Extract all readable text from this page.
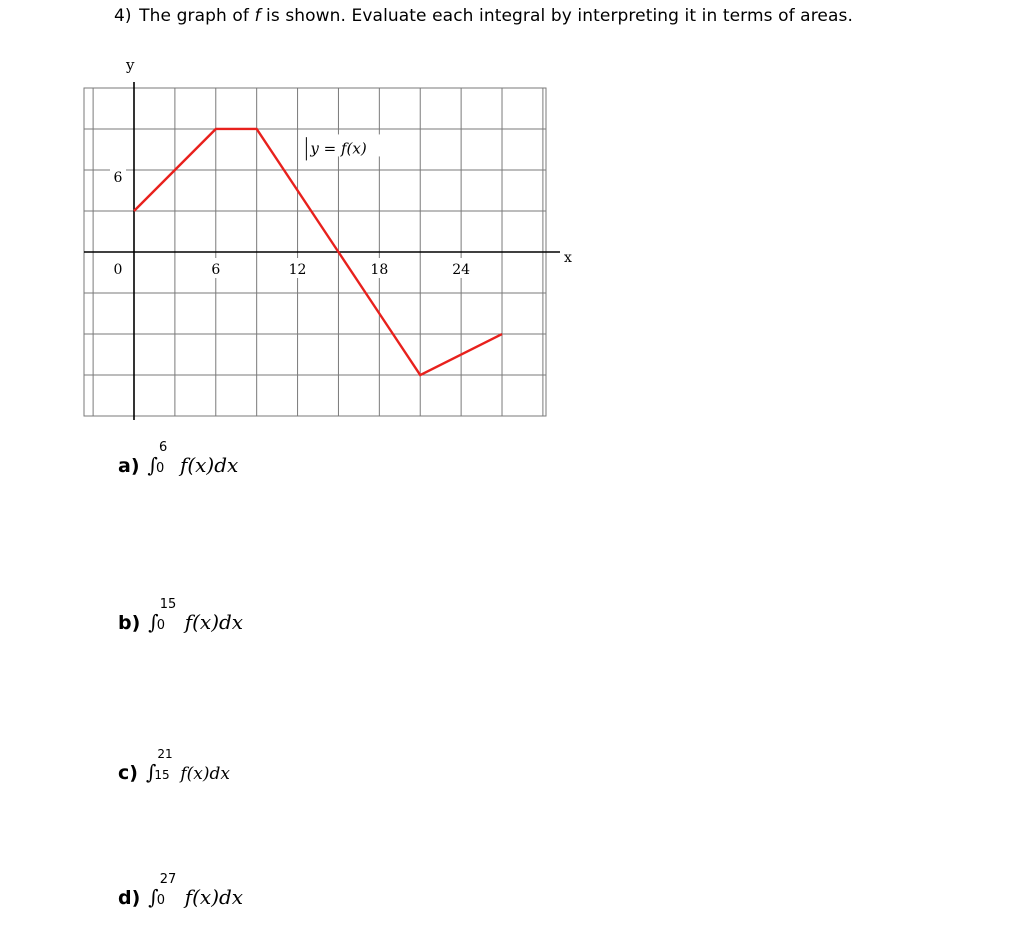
4) The graph of f is shown. Evaluate each integral by interpreting it in terms of areas.
6	12	18	24
0
6
y
x
y = f(x)
a) ∫
6
0 f(x)dx
b) ∫
15
0 f(x)dx
c) ∫
21
15 f(x)dx
d) ∫
27
0 f(x)dx
